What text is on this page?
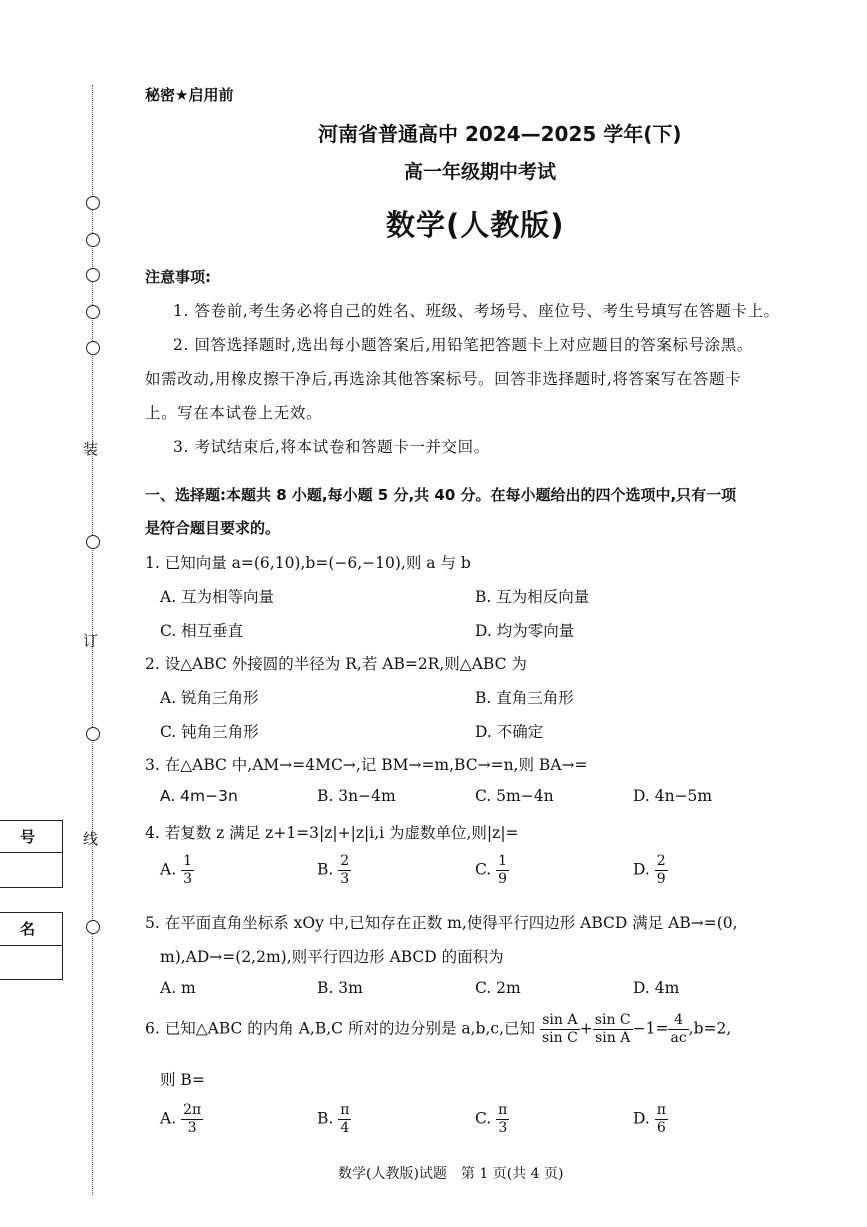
装
订
线
号
名
秘密★启用前
河南省普通高中 2024—2025 学年(下)
高一年级期中考试
数学(人教版)
注意事项:
1. 答卷前,考生务必将自己的姓名、班级、考场号、座位号、考生号填写在答题卡上。
2. 回答选择题时,选出每小题答案后,用铅笔把答题卡上对应题目的答案标号涂黑。
如需改动,用橡皮擦干净后,再选涂其他答案标号。回答非选择题时,将答案写在答题卡
上。写在本试卷上无效。
3. 考试结束后,将本试卷和答题卡一并交回。
一、选择题:本题共 8 小题,每小题 5 分,共 40 分。在每小题给出的四个选项中,只有一项
是符合题目要求的。
1. 已知向量 a=(6,10),b=(−6,−10),则 a 与 b
A. 互为相等向量	B. 互为相反向量
C. 相互垂直	D. 均为零向量
2. 设△ABC 外接圆的半径为 R,若 AB=2R,则△ABC 为
A. 锐角三角形	B. 直角三角形
C. 钝角三角形	D. 不确定
3. 在△ABC 中,AM→=4MC→,记 BM→=m,BC→=n,则 BA→=
A. 4m−3n	B. 3n−4m	C. 5m−4n	D. 4n−5m
4. 若复数 z 满足 z+1=3|z|+|z|i,i 为虚数单位,则|z|=
A. $\frac{1}{3}$	B. $\frac{2}{3}$	C. $\frac{1}{9}$	D. $\frac{2}{9}$
5. 在平面直角坐标系 xOy 中,已知存在正数 m,使得平行四边形 ABCD 满足 AB→=(0,
m),AD→=(2,2m),则平行四边形 ABCD 的面积为
A. m	B. 3m	C. 2m	D. 4m
6. 已知△ABC 的内角 A,B,C 所对的边分别是 a,b,c,已知 $\frac{\text{sin A}}{\text{sin C}} + \frac{\text{sin C}}{\text{sin A}} -1= \frac{4}{ac} ,b=2$,
则 B=
A. $\frac{2\pi}{3}$	B. $\frac{\pi}{4}$	C. $\frac{\pi}{3}$	D. $\frac{\pi}{6}$
数学(人教版)试题　第 1 页(共 4 页)
